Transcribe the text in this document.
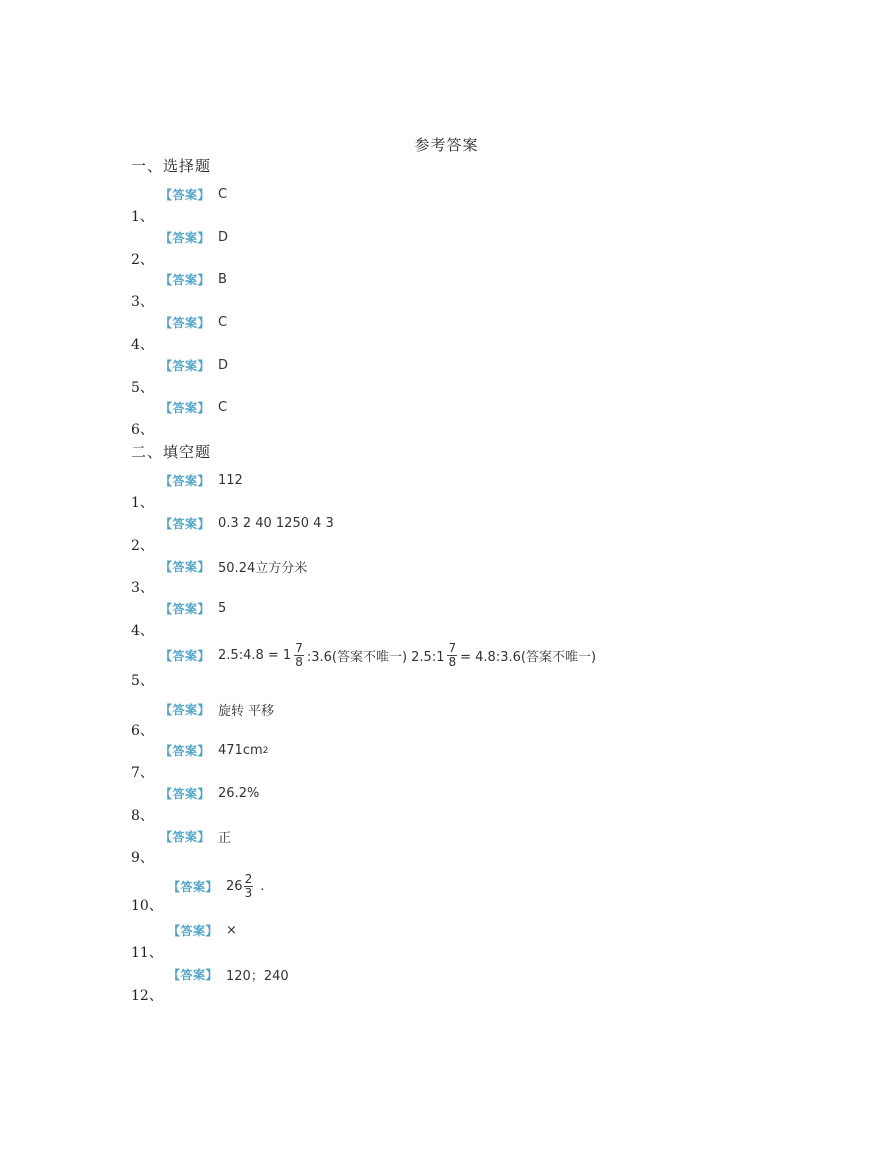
参考答案
一、选择题
1、
【答案】 C
2、
【答案】 D
3、
【答案】 B
4、
【答案】 C
5、
【答案】 D
6、
【答案】 C
二、填空题
1、
【答案】 112
2、
【答案】 0.3 2 40 1250 4 3
3、
【答案】 50.24立方分米
4、
【答案】 5
5、
【答案】 2.5:4.8 = $1 \frac{7}{8}$ :3.6(答案不唯一) 2.5:1 $\frac{7}{8}$ = 4.8:3.6(答案不唯一)
6、
【答案】 旋转 平移
7、
【答案】 471cm 2
8、
【答案】 26.2%
9、
【答案】 正
10、
【答案】 $26 \frac{2}{3}$ .
11、
【答案】 ×
12、
【答案】 120；240
